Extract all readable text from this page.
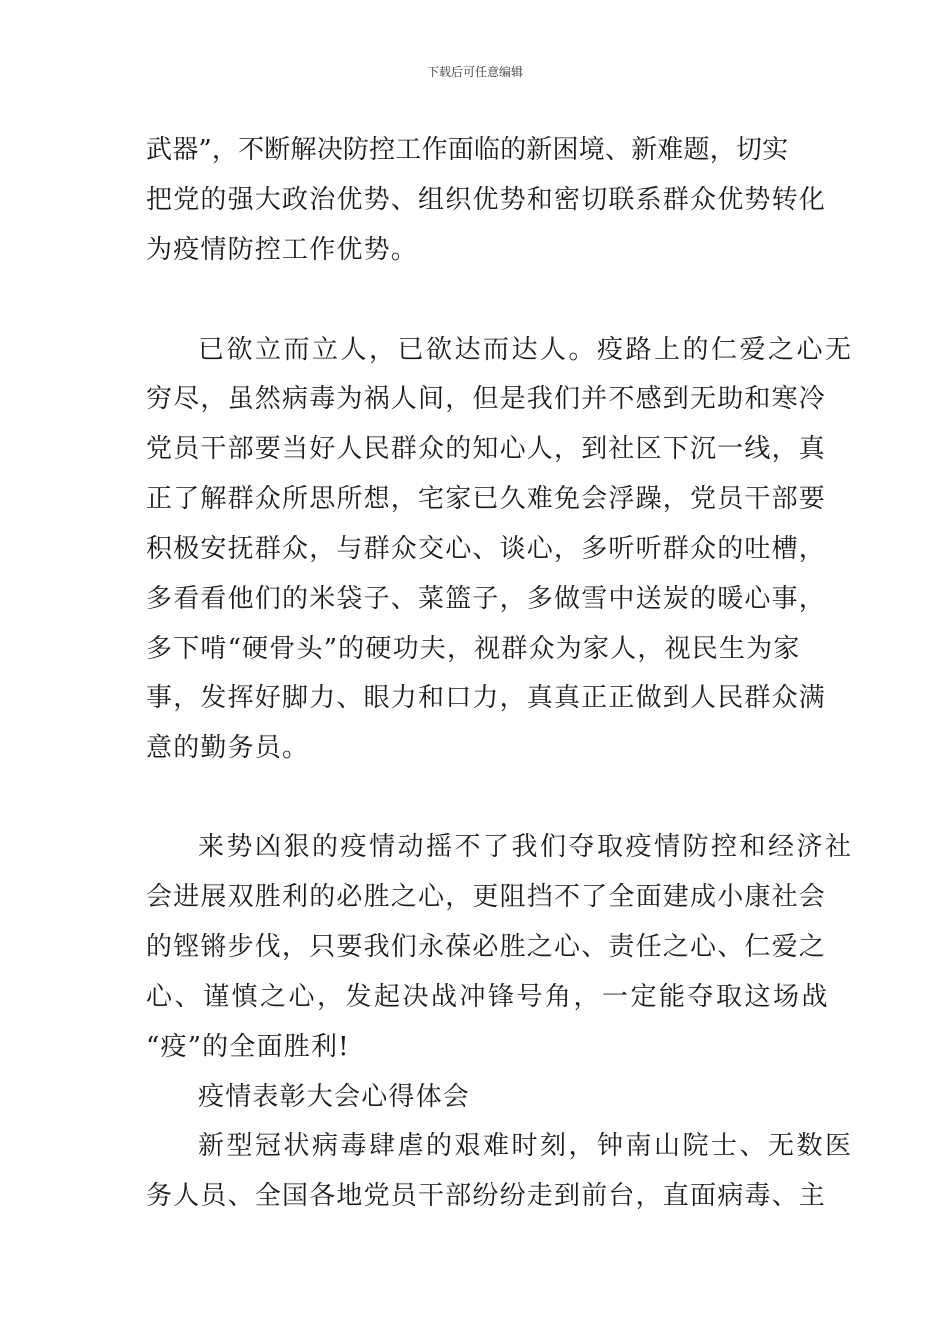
下载后可任意编辑
武器”，不断解决防控工作面临的新困境、新难题，切实
把党的强大政治优势、组织优势和密切联系群众优势转化
为疫情防控工作优势。
已欲立而立人，已欲达而达人。疫路上的仁爱之心无
穷尽，虽然病毒为祸人间，但是我们并不感到无助和寒冷
党员干部要当好人民群众的知心人，到社区下沉一线，真
正了解群众所思所想，宅家已久难免会浮躁，党员干部要
积极安抚群众，与群众交心、谈心，多听听群众的吐槽，
多看看他们的米袋子、菜篮子，多做雪中送炭的暖心事，
多下啃“硬骨头”的硬功夫，视群众为家人，视民生为家
事，发挥好脚力、眼力和口力，真真正正做到人民群众满
意的勤务员。
来势凶狠的疫情动摇不了我们夺取疫情防控和经济社
会进展双胜利的必胜之心，更阻挡不了全面建成小康社会
的铿锵步伐，只要我们永葆必胜之心、责任之心、仁爱之
心、谨慎之心，发起决战冲锋号角，一定能夺取这场战
“疫”的全面胜利!
疫情表彰大会心得体会
新型冠状病毒肆虐的艰难时刻，钟南山院士、无数医
务人员、全国各地党员干部纷纷走到前台，直面病毒、主
